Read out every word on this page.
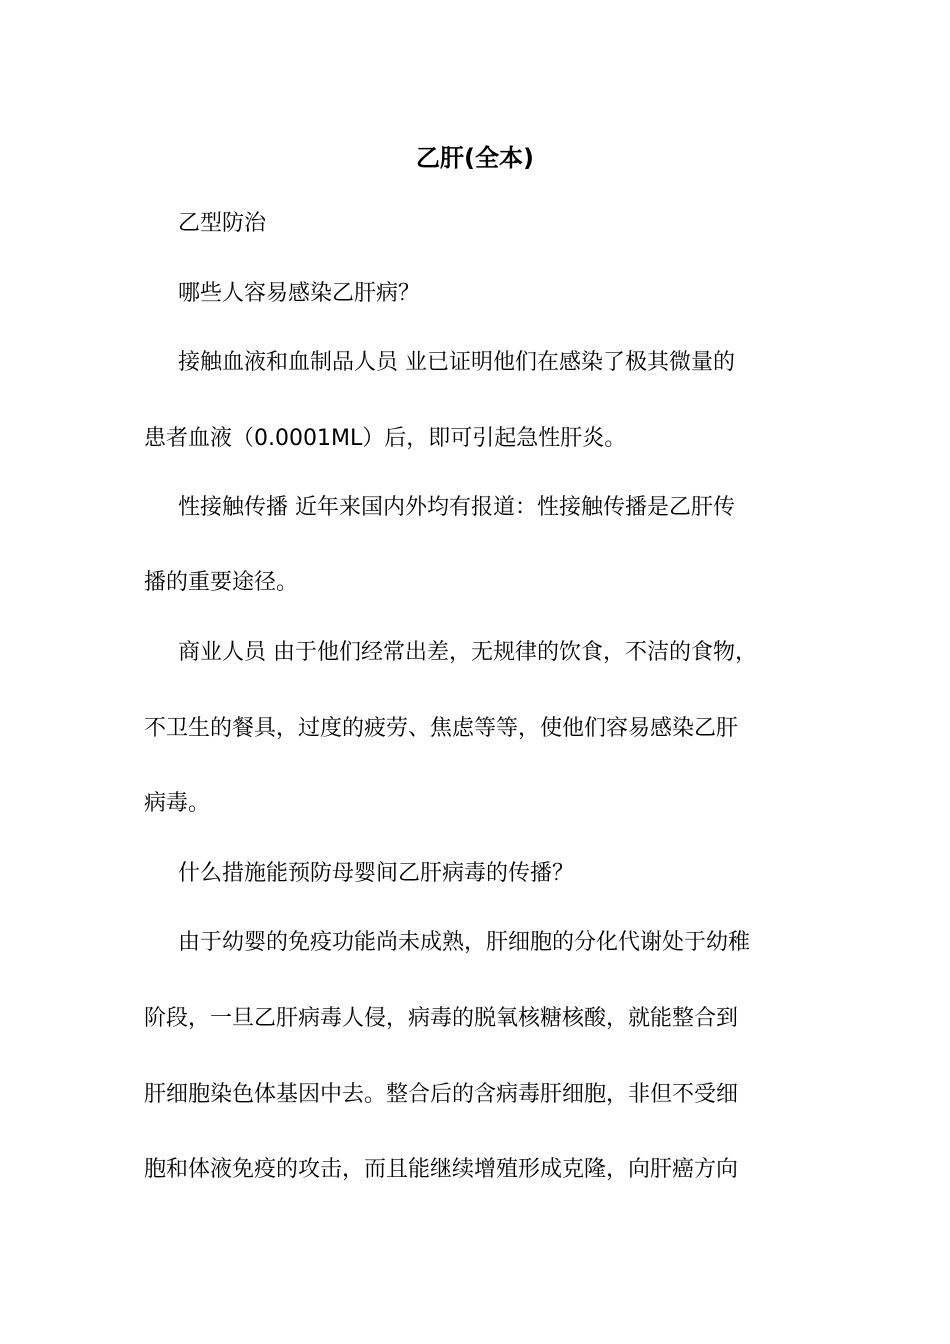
乙肝(全本)

乙型防治

哪些人容易感染乙肝病？

接触血液和血制品人员 业已证明他们在感染了极其微量的

患者血液（0.0001ML）后，即可引起急性肝炎。

性接触传播 近年来国内外均有报道：性接触传播是乙肝传

播的重要途径。

商业人员 由于他们经常出差，无规律的饮食，不洁的食物，

不卫生的餐具，过度的疲劳、焦虑等等，使他们容易感染乙肝

病毒。

什么措施能预防母婴间乙肝病毒的传播？

由于幼婴的免疫功能尚未成熟，肝细胞的分化代谢处于幼稚

阶段，一旦乙肝病毒人侵，病毒的脱氧核糖核酸，就能整合到

肝细胞染色体基因中去。整合后的含病毒肝细胞，非但不受细

胞和体液免疫的攻击，而且能继续增殖形成克隆，向肝癌方向
